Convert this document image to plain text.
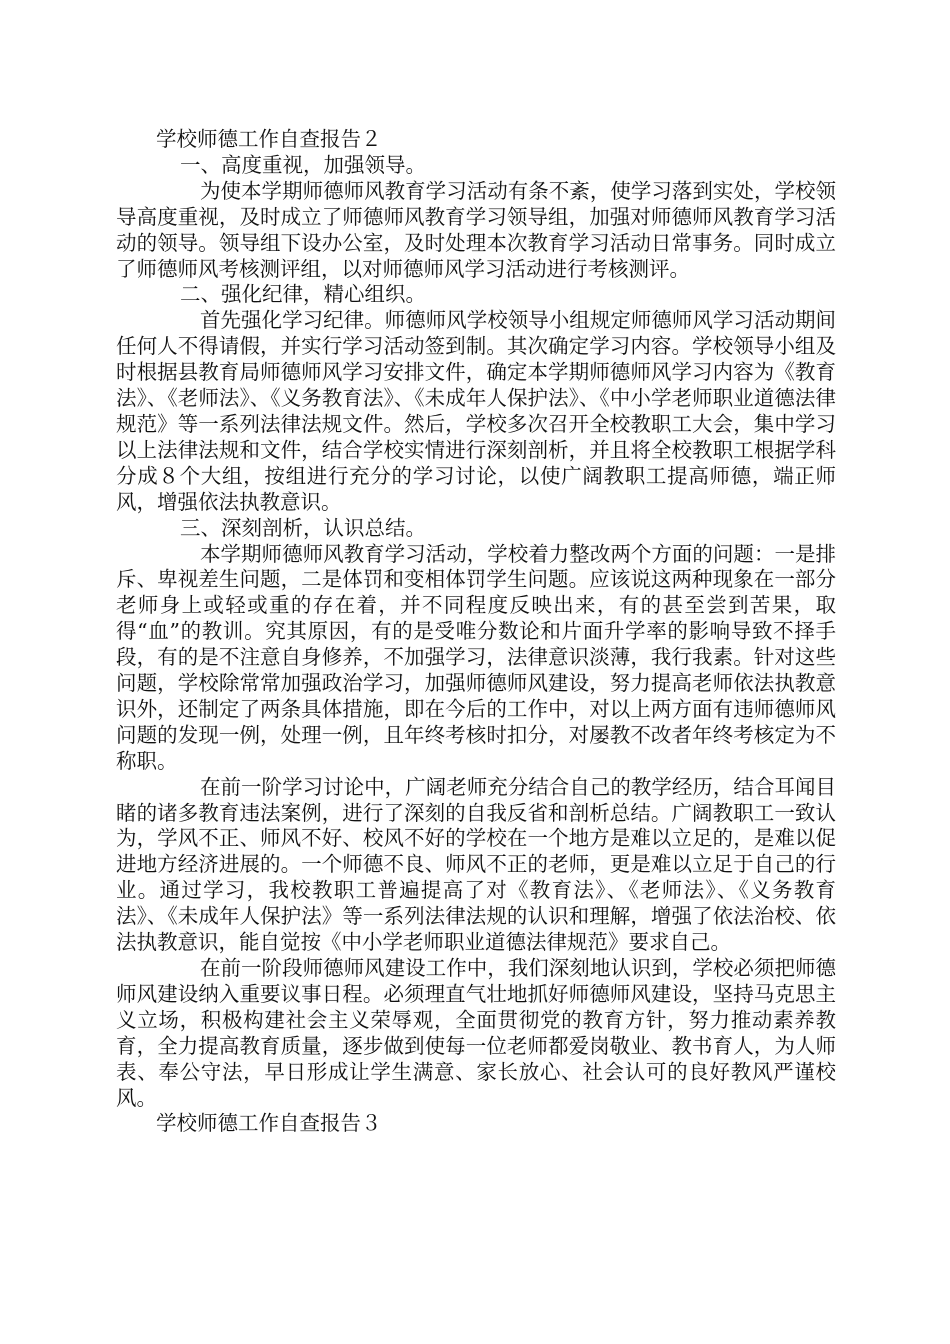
学校师德工作自查报告２

一、高度重视，加强领导。

为使本学期师德师风教育学习活动有条不紊，使学习落到实处，学校领导高度重视，及时成立了师德师风教育学习领导组，加强对师德师风教育学习活动的领导。领导组下设办公室，及时处理本次教育学习活动日常事务。同时成立了师德师风考核测评组，以对师德师风学习活动进行考核测评。

二、强化纪律，精心组织。

首先强化学习纪律。师德师风学校领导小组规定师德师风学习活动期间任何人不得请假，并实行学习活动签到制。其次确定学习内容。学校领导小组及时根据县教育局师德师风学习安排文件，确定本学期师德师风学习内容为《教育法》、《老师法》、《义务教育法》、《未成年人保护法》、《中小学老师职业道德法律规范》等一系列法律法规文件。然后，学校多次召开全校教职工大会，集中学习以上法律法规和文件，结合学校实情进行深刻剖析，并且将全校教职工根据学科分成８个大组，按组进行充分的学习讨论，以使广阔教职工提高师德，端正师风，增强依法执教意识。

三、深刻剖析，认识总结。

本学期师德师风教育学习活动，学校着力整改两个方面的问题：一是排斥、卑视差生问题，二是体罚和变相体罚学生问题。应该说这两种现象在一部分老师身上或轻或重的存在着，并不同程度反映出来，有的甚至尝到苦果，取得“血”的教训。究其原因，有的是受唯分数论和片面升学率的影响导致不择手段，有的是不注意自身修养，不加强学习，法律意识淡薄，我行我素。针对这些问题，学校除常常加强政治学习，加强师德师风建设，努力提高老师依法执教意识外，还制定了两条具体措施，即在今后的工作中，对以上两方面有违师德师风问题的发现一例，处理一例，且年终考核时扣分，对屡教不改者年终考核定为不称职。

在前一阶学习讨论中，广阔老师充分结合自己的教学经历，结合耳闻目睹的诸多教育违法案例，进行了深刻的自我反省和剖析总结。广阔教职工一致认为，学风不正、师风不好、校风不好的学校在一个地方是难以立足的，是难以促进地方经济进展的。一个师德不良、师风不正的老师，更是难以立足于自己的行业。通过学习，我校教职工普遍提高了对《教育法》、《老师法》、《义务教育法》、《未成年人保护法》等一系列法律法规的认识和理解，增强了依法治校、依法执教意识，能自觉按《中小学老师职业道德法律规范》要求自己。

在前一阶段师德师风建设工作中，我们深刻地认识到，学校必须把师德师风建设纳入重要议事日程。必须理直气壮地抓好师德师风建设，坚持马克思主义立场，积极构建社会主义荣辱观，全面贯彻党的教育方针，努力推动素养教育，全力提高教育质量，逐步做到使每一位老师都爱岗敬业、教书育人，为人师表、奉公守法，早日形成让学生满意、家长放心、社会认可的良好教风严谨校风。

学校师德工作自查报告３
